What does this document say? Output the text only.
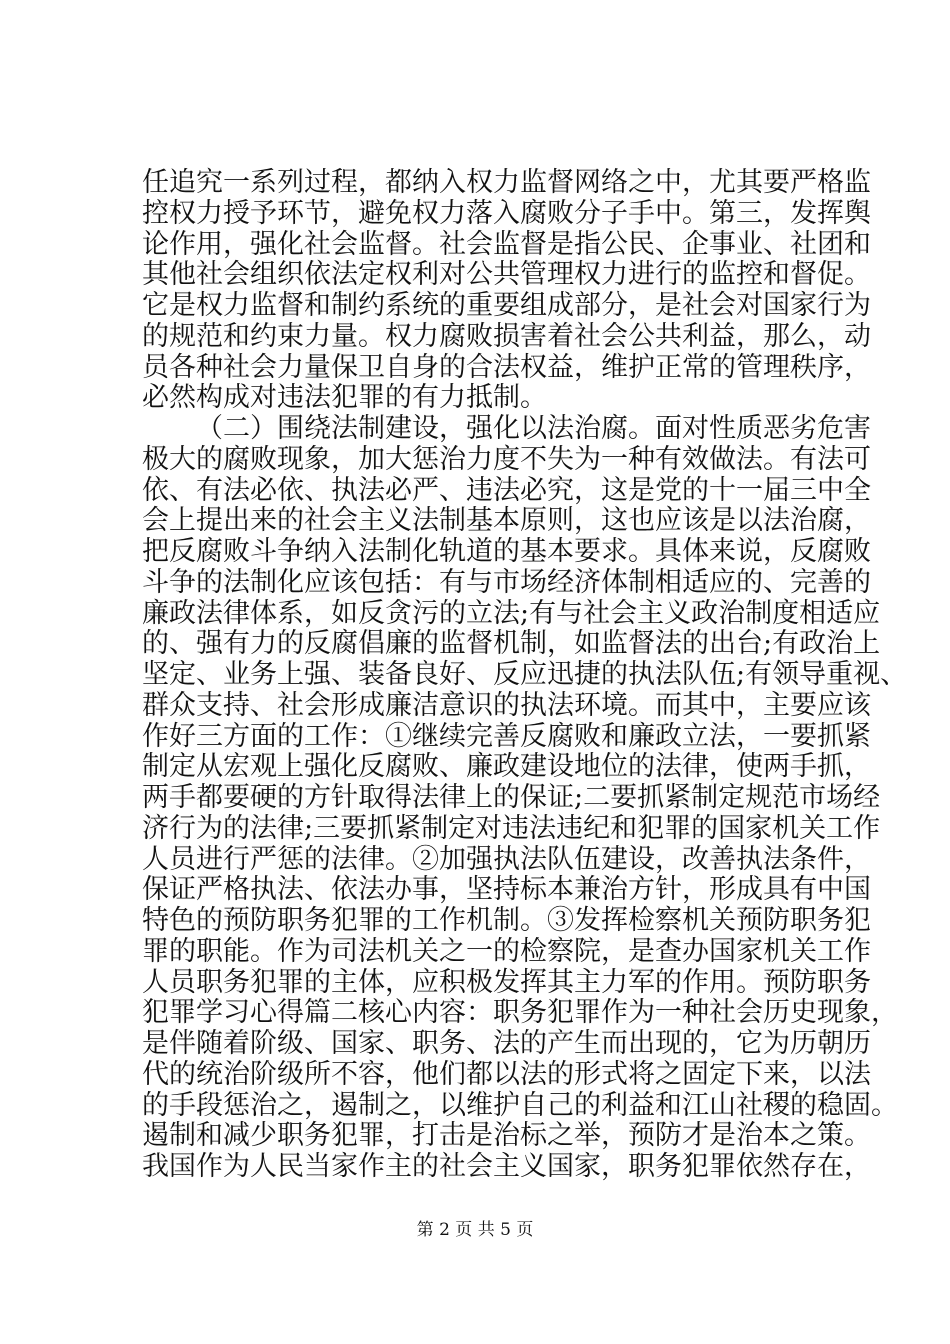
任追究一系列过程，都纳入权力监督网络之中，尤其要严格监
控权力授予环节，避免权力落入腐败分子手中。第三，发挥舆
论作用，强化社会监督。社会监督是指公民、企事业、社团和
其他社会组织依法定权利对公共管理权力进行的监控和督促。
它是权力监督和制约系统的重要组成部分，是社会对国家行为
的规范和约束力量。权力腐败损害着社会公共利益，那么，动
员各种社会力量保卫自身的合法权益，维护正常的管理秩序，
必然构成对违法犯罪的有力抵制。
（二）围绕法制建设，强化以法治腐。面对性质恶劣危害
极大的腐败现象，加大惩治力度不失为一种有效做法。有法可
依、有法必依、执法必严、违法必究，这是党的十一届三中全
会上提出来的社会主义法制基本原则，这也应该是以法治腐，
把反腐败斗争纳入法制化轨道的基本要求。具体来说，反腐败
斗争的法制化应该包括：有与市场经济体制相适应的、完善的
廉政法律体系，如反贪污的立法;有与社会主义政治制度相适应
的、强有力的反腐倡廉的监督机制，如监督法的出台;有政治上
坚定、业务上强、装备良好、反应迅捷的执法队伍;有领导重视、
群众支持、社会形成廉洁意识的执法环境。而其中，主要应该
作好三方面的工作：①继续完善反腐败和廉政立法，一要抓紧
制定从宏观上强化反腐败、廉政建设地位的法律，使两手抓，
两手都要硬的方针取得法律上的保证;二要抓紧制定规范市场经
济行为的法律;三要抓紧制定对违法违纪和犯罪的国家机关工作
人员进行严惩的法律。②加强执法队伍建设，改善执法条件，
保证严格执法、依法办事，坚持标本兼治方针，形成具有中国
特色的预防职务犯罪的工作机制。③发挥检察机关预防职务犯
罪的职能。作为司法机关之一的检察院，是查办国家机关工作
人员职务犯罪的主体，应积极发挥其主力军的作用。预防职务
犯罪学习心得篇二核心内容：职务犯罪作为一种社会历史现象，
是伴随着阶级、国家、职务、法的产生而出现的，它为历朝历
代的统治阶级所不容，他们都以法的形式将之固定下来，以法
的手段惩治之，遏制之，以维护自己的利益和江山社稷的稳固。
遏制和减少职务犯罪，打击是治标之举，预防才是治本之策。
我国作为人民当家作主的社会主义国家，职务犯罪依然存在，
第 2 页 共 5 页
